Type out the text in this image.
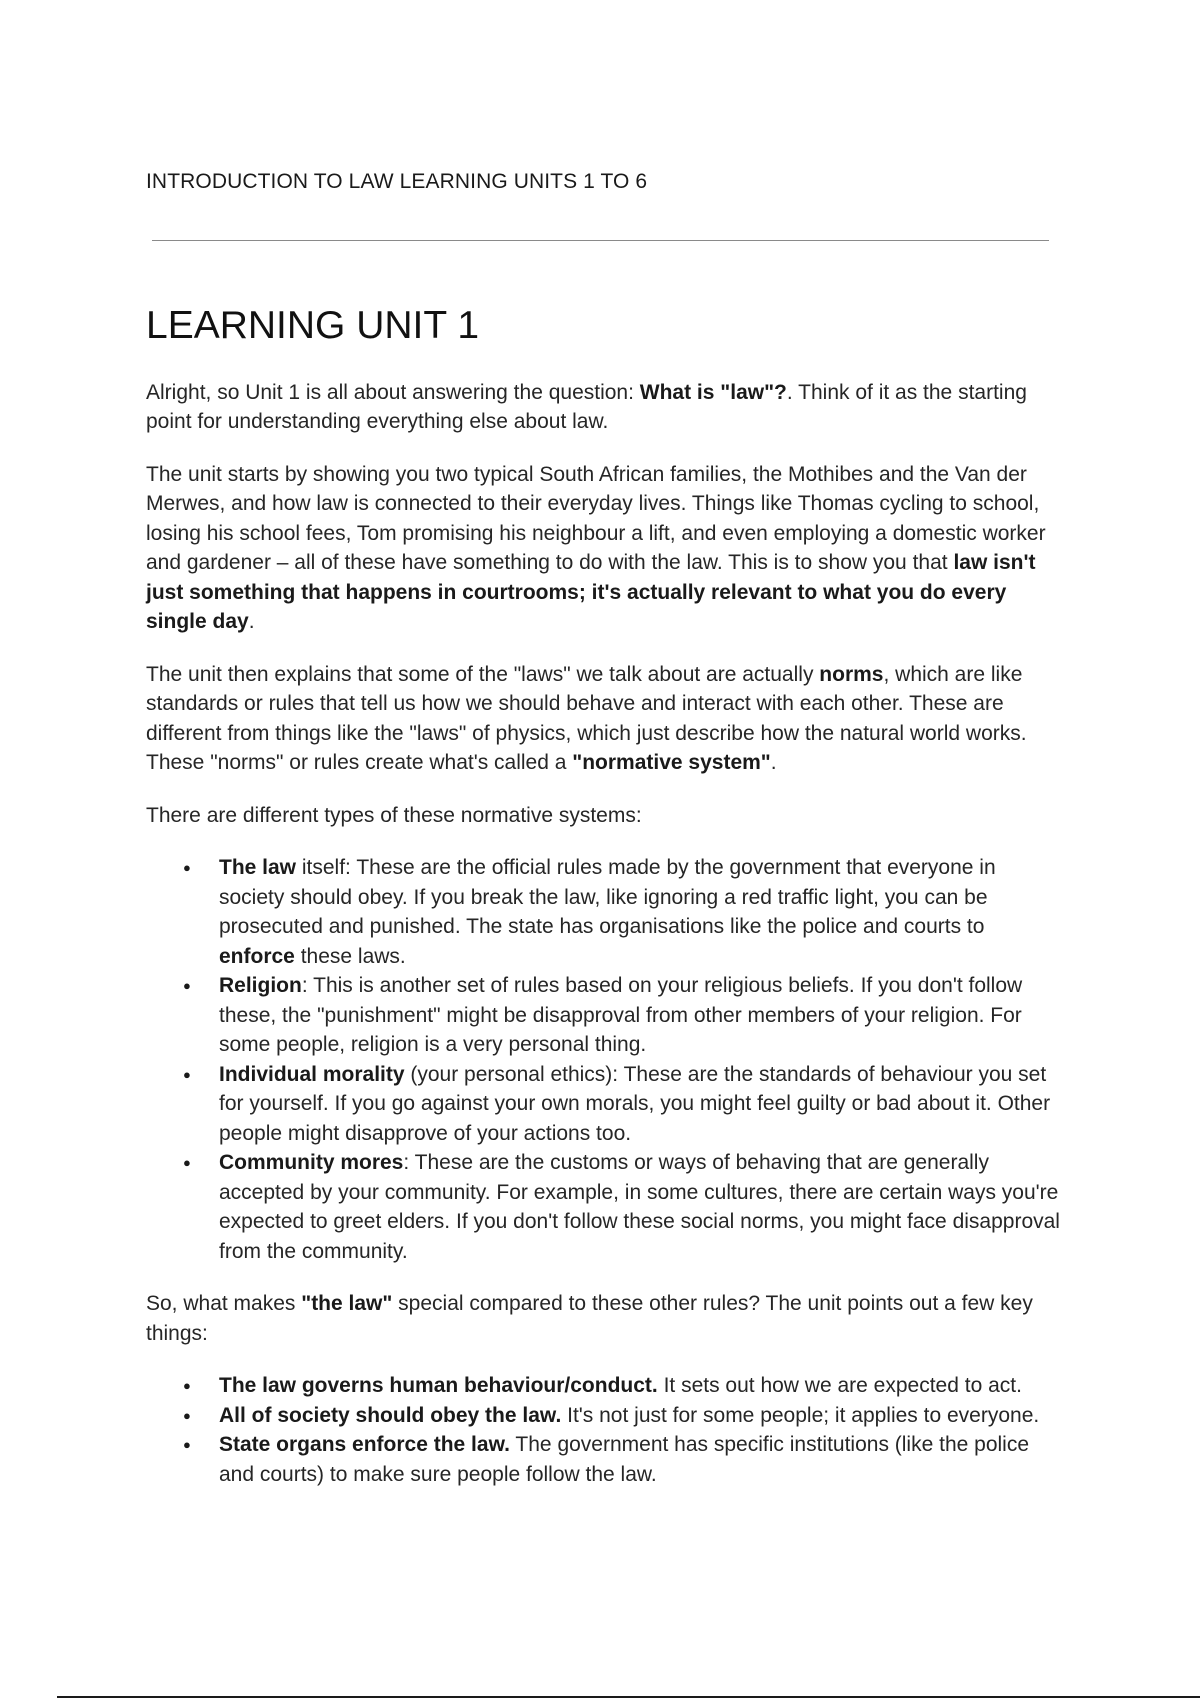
INTRODUCTION TO LAW LEARNING UNITS 1 TO 6
LEARNING UNIT 1

Alright, so Unit 1 is all about answering the question: What is "law"?. Think of it as the starting point for understanding everything else about law.

The unit starts by showing you two typical South African families, the Mothibes and the Van der Merwes, and how law is connected to their everyday lives. Things like Thomas cycling to school, losing his school fees, Tom promising his neighbour a lift, and even employing a domestic worker and gardener – all of these have something to do with the law. This is to show you that law isn't just something that happens in courtrooms; it's actually relevant to what you do every single day.

The unit then explains that some of the "laws" we talk about are actually norms, which are like standards or rules that tell us how we should behave and interact with each other. These are different from things like the "laws" of physics, which just describe how the natural world works. These "norms" or rules create what's called a "normative system".

There are different types of these normative systems:

● The law itself: These are the official rules made by the government that everyone in society should obey. If you break the law, like ignoring a red traffic light, you can be prosecuted and punished. The state has organisations like the police and courts to enforce these laws.
● Religion: This is another set of rules based on your religious beliefs. If you don't follow these, the "punishment" might be disapproval from other members of your religion. For some people, religion is a very personal thing.
● Individual morality (your personal ethics): These are the standards of behaviour you set for yourself. If you go against your own morals, you might feel guilty or bad about it. Other people might disapprove of your actions too.
● Community mores: These are the customs or ways of behaving that are generally accepted by your community. For example, in some cultures, there are certain ways you're expected to greet elders. If you don't follow these social norms, you might face disapproval from the community.

So, what makes "the law" special compared to these other rules? The unit points out a few key things:

● The law governs human behaviour/conduct. It sets out how we are expected to act.
● All of society should obey the law. It's not just for some people; it applies to everyone.
● State organs enforce the law. The government has specific institutions (like the police and courts) to make sure people follow the law.
